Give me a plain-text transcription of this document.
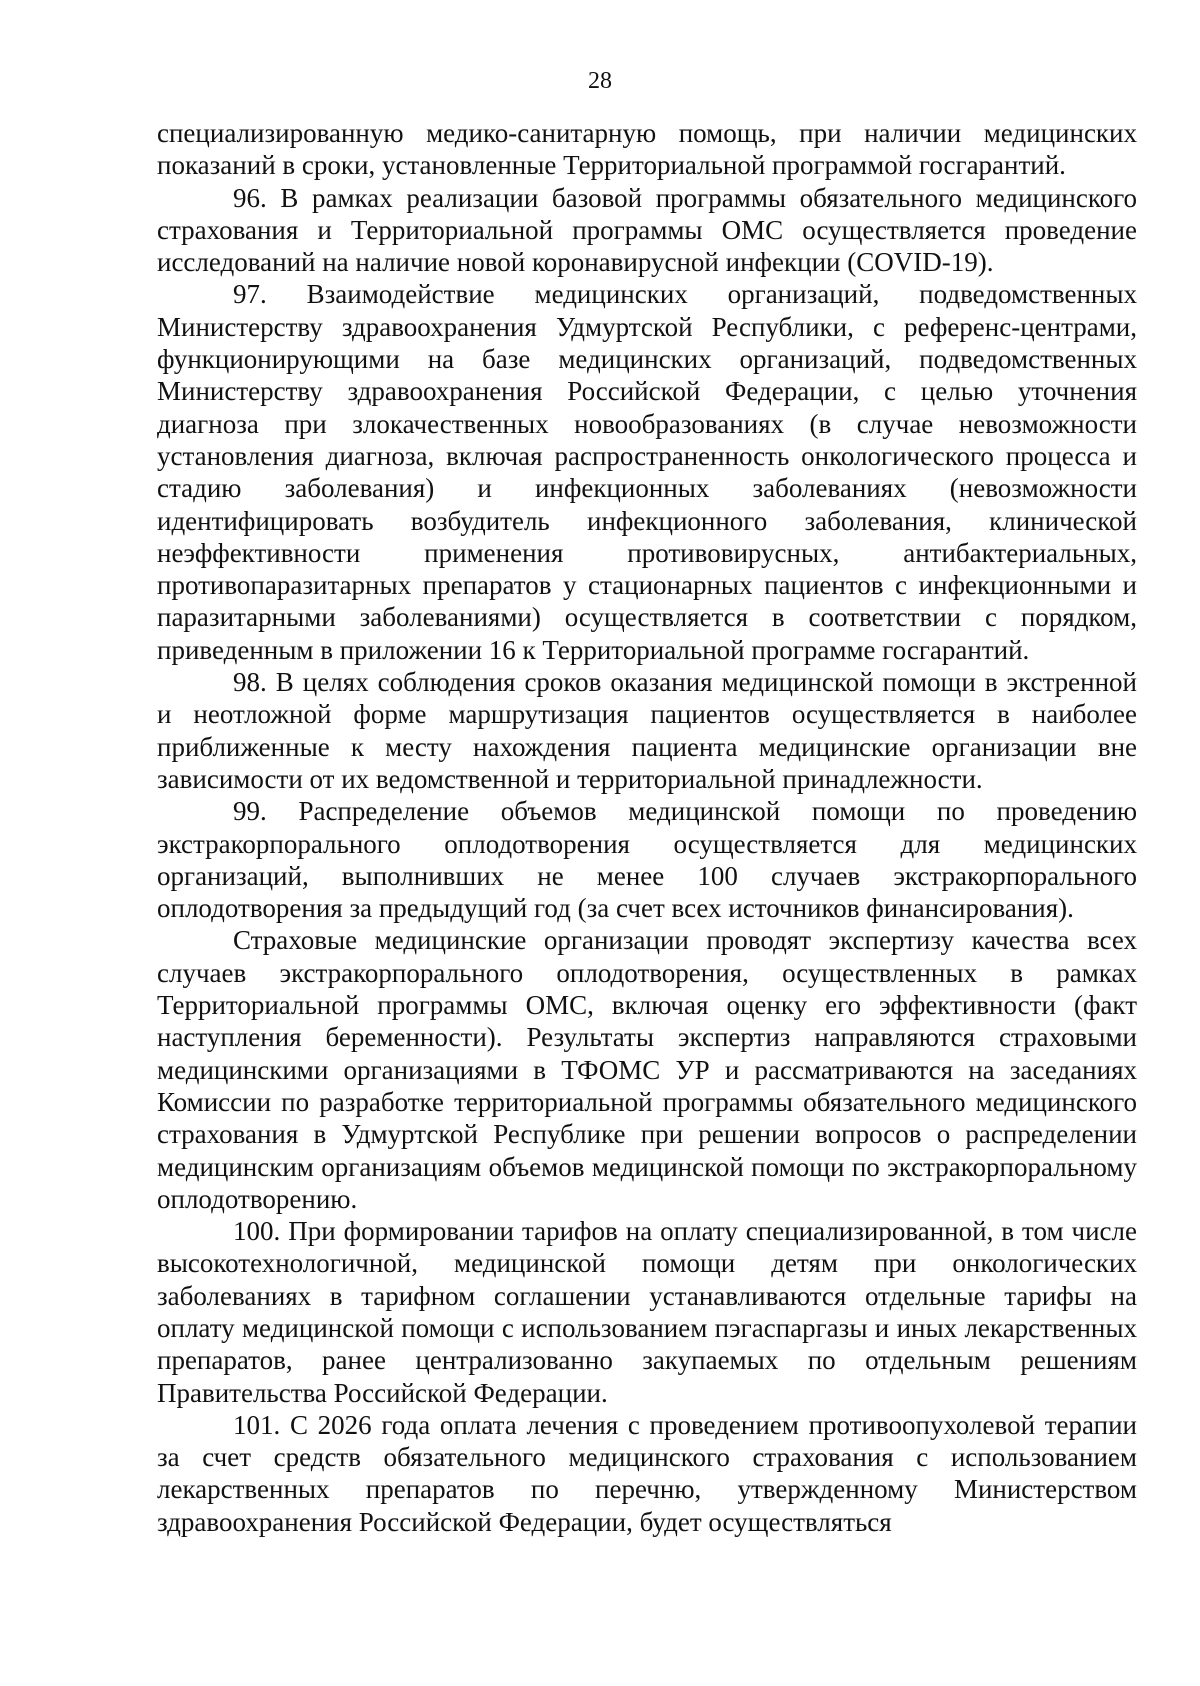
28

специализированную медико-санитарную помощь, при наличии медицинских показаний в сроки, установленные Территориальной программой госгарантий.

96. В рамках реализации базовой программы обязательного медицинского страхования и Территориальной программы ОМС осуществляется проведение исследований на наличие новой коронавирусной инфекции (COVID-19).

97. Взаимодействие медицинских организаций, подведомственных Министерству здравоохранения Удмуртской Республики, с референс-центрами, функционирующими на базе медицинских организаций, подведомственных Министерству здравоохранения Российской Федерации, с целью уточнения диагноза при злокачественных новообразованиях (в случае невозможности установления диагноза, включая распространенность онкологического процесса и стадию заболевания) и инфекционных заболеваниях (невозможности идентифицировать возбудитель инфекционного заболевания, клинической неэффективности применения противовирусных, антибактериальных, противопаразитарных препаратов у стационарных пациентов с инфекционными и паразитарными заболеваниями) осуществляется в соответствии с порядком, приведенным в приложении 16 к Территориальной программе госгарантий.

98. В целях соблюдения сроков оказания медицинской помощи в экстренной и неотложной форме маршрутизация пациентов осуществляется в наиболее приближенные к месту нахождения пациента медицинские организации вне зависимости от их ведомственной и территориальной принадлежности.

99. Распределение объемов медицинской помощи по проведению экстракорпорального оплодотворения осуществляется для медицинских организаций, выполнивших не менее 100 случаев экстракорпорального оплодотворения за предыдущий год (за счет всех источников финансирования).

Страховые медицинские организации проводят экспертизу качества всех случаев экстракорпорального оплодотворения, осуществленных в рамках Территориальной программы ОМС, включая оценку его эффективности (факт наступления беременности). Результаты экспертиз направляются страховыми медицинскими организациями в ТФОМС УР и рассматриваются на заседаниях Комиссии по разработке территориальной программы обязательного медицинского страхования в Удмуртской Республике при решении вопросов о распределении медицинским организациям объемов медицинской помощи по экстракорпоральному оплодотворению.

100. При формировании тарифов на оплату специализированной, в том числе высокотехнологичной, медицинской помощи детям при онкологических заболеваниях в тарифном соглашении устанавливаются отдельные тарифы на оплату медицинской помощи с использованием пэгаспаргазы и иных лекарственных препаратов, ранее централизованно закупаемых по отдельным решениям Правительства Российской Федерации.

101. С 2026 года оплата лечения с проведением противоопухолевой терапии за счет средств обязательного медицинского страхования с использованием лекарственных препаратов по перечню, утвержденному Министерством здравоохранения Российской Федерации, будет осуществляться
